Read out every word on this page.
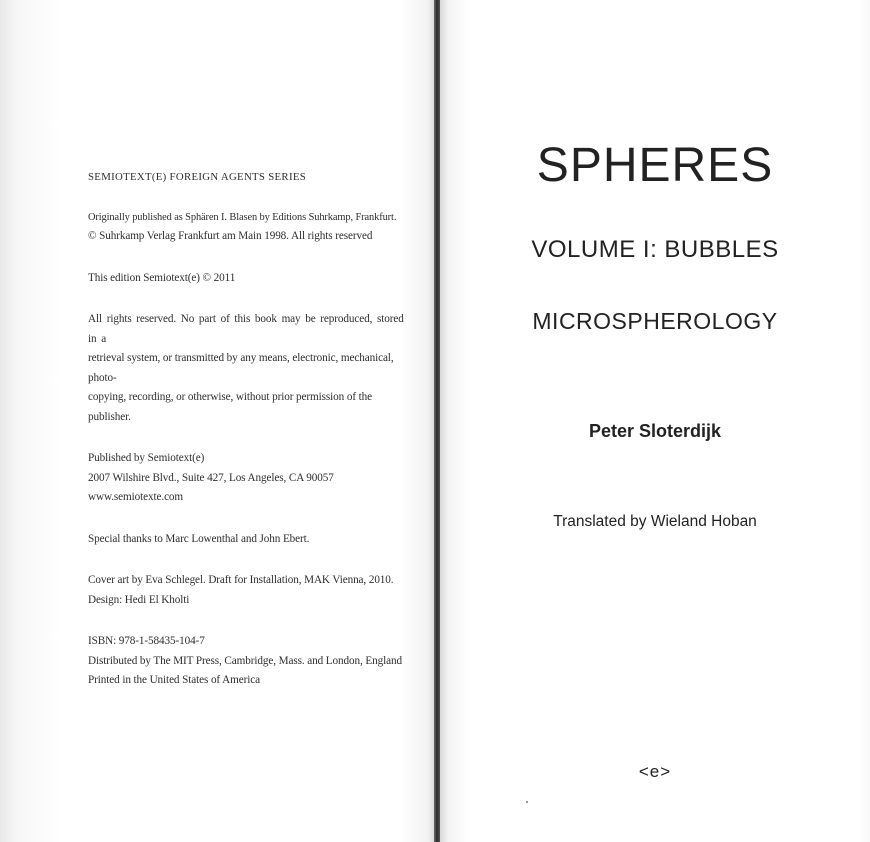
SEMIOTEXT(E) FOREIGN AGENTS SERIES

Originally published as Sphären I. Blasen by Editions Suhrkamp, Frankfurt.

© Suhrkamp Verlag Frankfurt am Main 1998. All rights reserved

This edition Semiotext(e) © 2011

All rights reserved. No part of this book may be reproduced, stored in a

retrieval system, or transmitted by any means, electronic, mechanical, photo-

copying, recording, or otherwise, without prior permission of the publisher.

Published by Semiotext(e)

2007 Wilshire Blvd., Suite 427, Los Angeles, CA 90057

www.semiotexte.com

Special thanks to Marc Lowenthal and John Ebert.

Cover art by Eva Schlegel. Draft for Installation, MAK Vienna, 2010.

Design: Hedi El Kholti

ISBN: 978-1-58435-104-7

Distributed by The MIT Press, Cambridge, Mass. and London, England

Printed in the United States of America

SPHERES
VOLUME I: BUBBLES
MICROSPHEROLOGY
Peter Sloterdijk
Translated by Wieland Hoban
<e>
